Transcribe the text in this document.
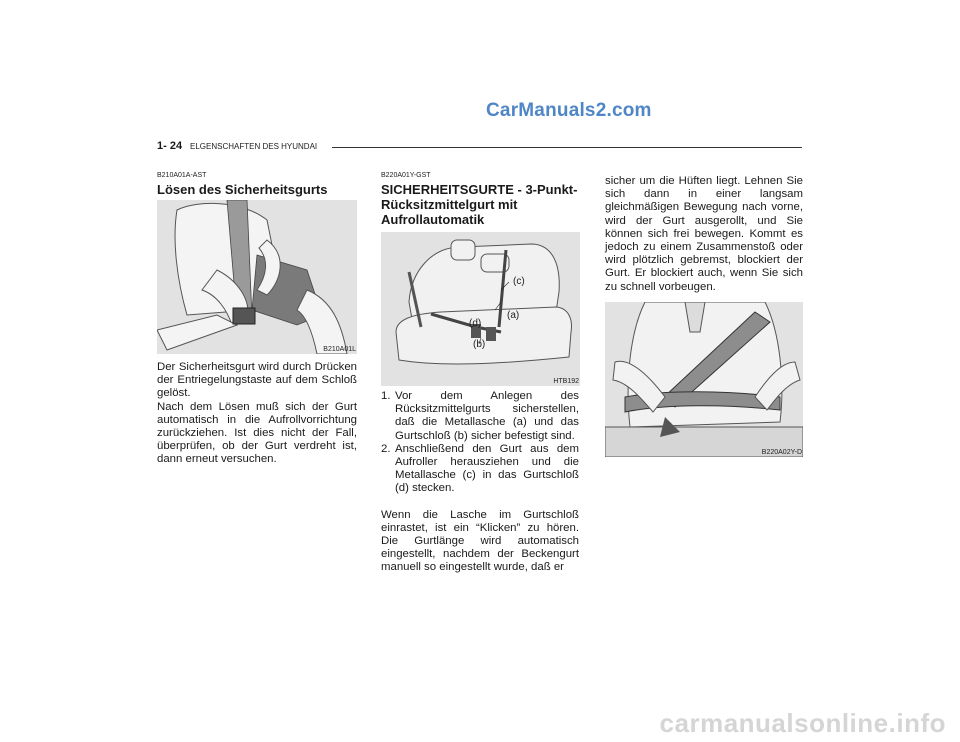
CarManuals2.com
1- 24 ELGENSCHAFTEN DES HYUNDAI
B210A01A-AST
Lösen des Sicherheitsgurts
B210A01L
Der Sicherheitsgurt wird durch Drücken der Entriegelungstaste auf dem Schloß gelöst.
Nach dem Lösen muß sich der Gurt automatisch in die Aufrollvorrichtung zurückziehen. Ist dies nicht der Fall, überprüfen, ob der Gurt verdreht ist, dann erneut versuchen.
B220A01Y-GST
SICHERHEITSGURTE - 3-Punkt-
Rücksitzmittelgurt mit
Aufrollautomatik
(c)
(a)
(d)
(b)
HTB192
1. Vor dem Anlegen des Rücksitzmittelgurts sicherstellen, daß die Metallasche (a) und das Gurtschloß (b) sicher befestigt sind.
2. Anschließend den Gurt aus dem Aufroller herausziehen und die Metallasche (c) in das Gurtschloß (d) stecken.
Wenn die Lasche im Gurtschloß einrastet, ist ein “Klicken” zu hören. Die Gurtlänge wird automatisch eingestellt, nachdem der Beckengurt manuell so eingestellt wurde, daß er
sicher um die Hüften liegt. Lehnen Sie sich dann in einer langsam gleichmäßigen Bewegung nach vorne, wird der Gurt ausgerollt, und Sie können sich frei bewegen. Kommt es jedoch zu einem Zusammenstoß oder wird plötzlich gebremst, blockiert der Gurt. Er blockiert auch, wenn Sie sich zu schnell vorbeugen.
B220A02Y-D
carmanualsonline.info
